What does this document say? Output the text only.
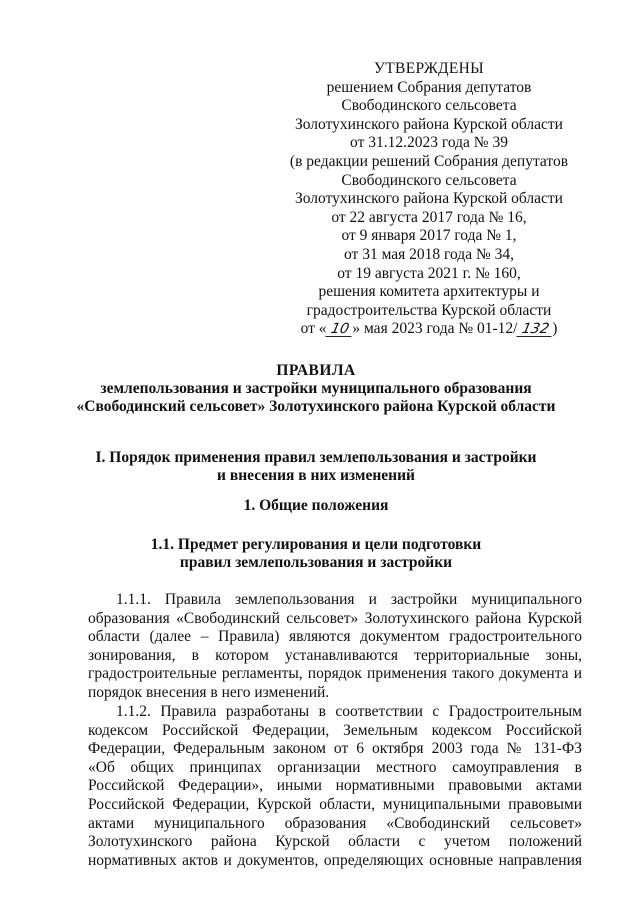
УТВЕРЖДЕНЫ
решением Собрания депутатов
Свободинского сельсовета
Золотухинского района Курской области
от 31.12.2023 года № 39
(в редакции решений Собрания депутатов
Свободинского сельсовета
Золотухинского района Курской области
от 22 августа 2017 года № 16,
от 9 января 2017 года № 1,
от 31 мая 2018 года № 34,
от 19 августа 2021 г. № 160,
решения комитета архитектуры и
градостроительства Курской области
от « 10 » мая 2023 года № 01-12/ 132 )
ПРАВИЛА
землепользования и застройки муниципального образования
«Свободинский сельсовет» Золотухинского района Курской области
I. Порядок применения правил землепользования и застройки
и внесения в них изменений
1. Общие положения
1.1. Предмет регулирования и цели подготовки
правил землепользования и застройки
1.1.1. Правила землепользования и застройки муниципального
образования «Свободинский сельсовет» Золотухинского района Курской
области (далее – Правила) являются документом градостроительного
зонирования, в котором устанавливаются территориальные зоны,
градостроительные регламенты, порядок применения такого документа и
порядок внесения в него изменений.
1.1.2. Правила разработаны в соответствии с Градостроительным
кодексом Российской Федерации, Земельным кодексом Российской
Федерации, Федеральным законом от 6 октября 2003 года № 131-ФЗ
«Об общих принципах организации местного самоуправления в
Российской Федерации», иными нормативными правовыми актами
Российской Федерации, Курской области, муниципальными правовыми
актами муниципального образования «Свободинский сельсовет»
Золотухинского района Курской области с учетом положений
нормативных актов и документов, определяющих основные направления
